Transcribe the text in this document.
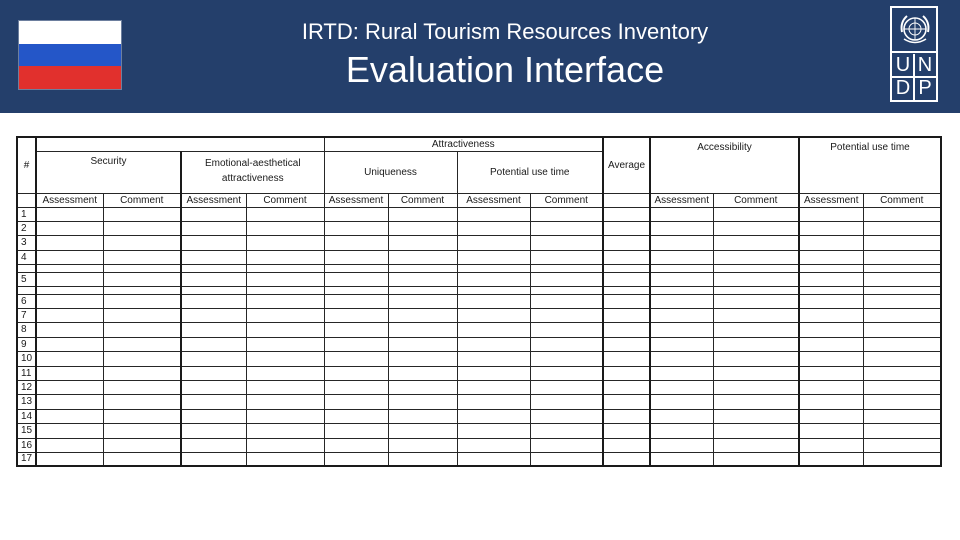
IRTD: Rural Tourism Resources Inventory
Evaluation Interface	U N
D P
#					Attractiveness				Average	Accessibility		Potential use time	
	Security		Emotional-aesthetical attractiveness		Uniqueness		Potential use time						
	Assessment	Comment	Assessment	Comment	Assessment	Comment	Assessment	Comment		Assessment	Comment	Assessment	Comment
1													
2													
3													
4													

5													

6													
7													
8													
9													
10													
11													
12													
13													
14													
15													
16													
17													
